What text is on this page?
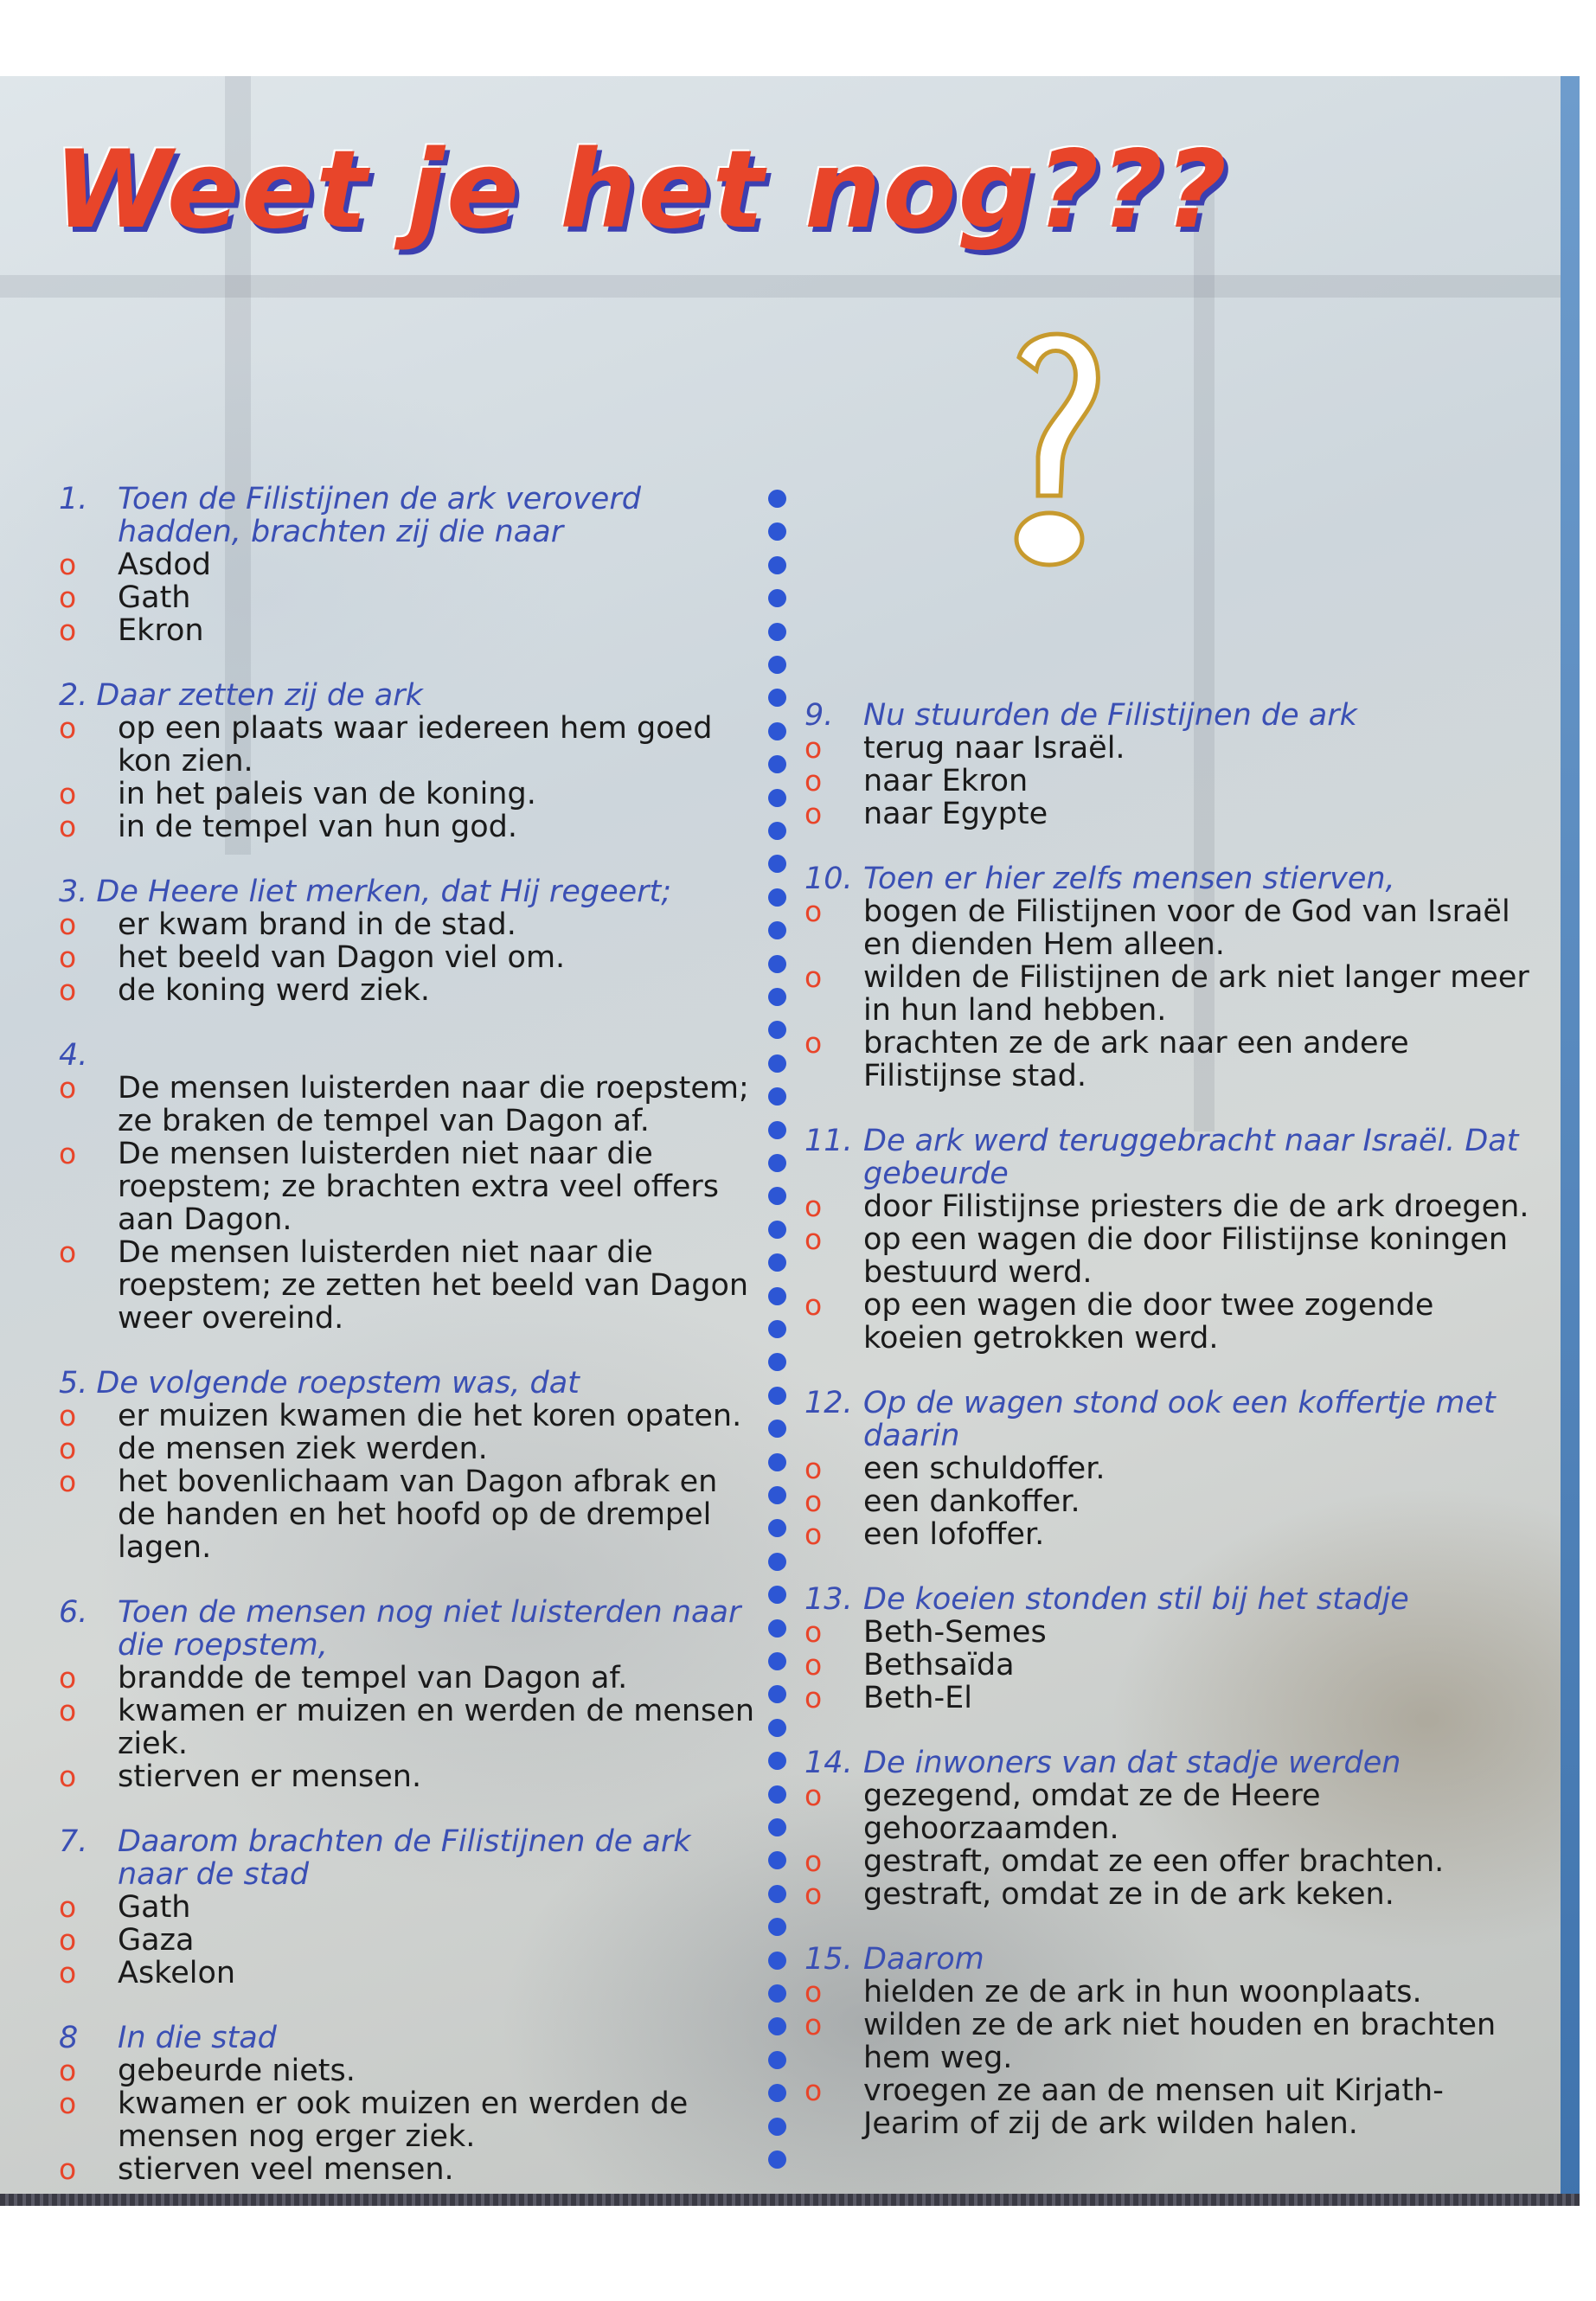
Weet je het nog???
1. Toen de Filistijnen de ark veroverd hadden, brachten zij die naar
o	Asdod
o	Gath
o	Ekron
2. Daar zetten zij de ark
o	op een plaats waar iedereen hem goed kon zien.
o	in het paleis van de koning.
o	in de tempel van hun god.
3. De Heere liet merken, dat Hij regeert;
o	er kwam brand in de stad.
o	het beeld van Dagon viel om.
o	de koning werd ziek.
4.
o	De mensen luisterden naar die roepstem; ze braken de tempel van Dagon af.
o	De mensen luisterden niet naar die roepstem; ze brachten extra veel offers aan Dagon.
o	De mensen luisterden niet naar die roepstem; ze zetten het beeld van Dagon weer overeind.
5. De volgende roepstem was, dat
o	er muizen kwamen die het koren opaten.
o	de mensen ziek werden.
o	het bovenlichaam van Dagon afbrak en de handen en het hoofd op de drempel lagen.
6. Toen de mensen nog niet luisterden naar die roepstem,
o	brandde de tempel van Dagon af.
o	kwamen er muizen en werden de mensen ziek.
o	stierven er mensen.
7. Daarom brachten de Filistijnen de ark naar de stad
o	Gath
o	Gaza
o	Askelon
8	In die stad
o	gebeurde niets.
o	kwamen er ook muizen en werden de mensen nog erger ziek.
o	stierven veel mensen.
9. Nu stuurden de Filistijnen de ark
o	terug naar Israël.
o	naar Ekron
o	naar Egypte
10. Toen er hier zelfs mensen stierven,
o	bogen de Filistijnen voor de God van Israël en dienden Hem alleen.
o	wilden de Filistijnen de ark niet langer meer in hun land hebben.
o	brachten ze de ark naar een andere Filistijnse stad.
11. De ark werd teruggebracht naar Israël. Dat gebeurde
o	door Filistijnse priesters die de ark droegen.
o	op een wagen die door Filistijnse koningen bestuurd werd.
o	op een wagen die door twee zogende koeien getrokken werd.
12. Op de wagen stond ook een koffertje met daarin
o	een schuldoffer.
o	een dankoffer.
o	een lofoffer.
13. De koeien stonden stil bij het stadje
o	Beth-Semes
o	Bethsaïda
o	Beth-El
14. De inwoners van dat stadje werden
o	gezegend, omdat ze de Heere gehoorzaamden.
o	gestraft, omdat ze een offer brachten.
o	gestraft, omdat ze in de ark keken.
15. Daarom
o	hielden ze de ark in hun woonplaats.
o	wilden ze de ark niet houden en brachten hem weg.
o	vroegen ze aan de mensen uit Kirjath-Jearim of zij de ark wilden halen.
